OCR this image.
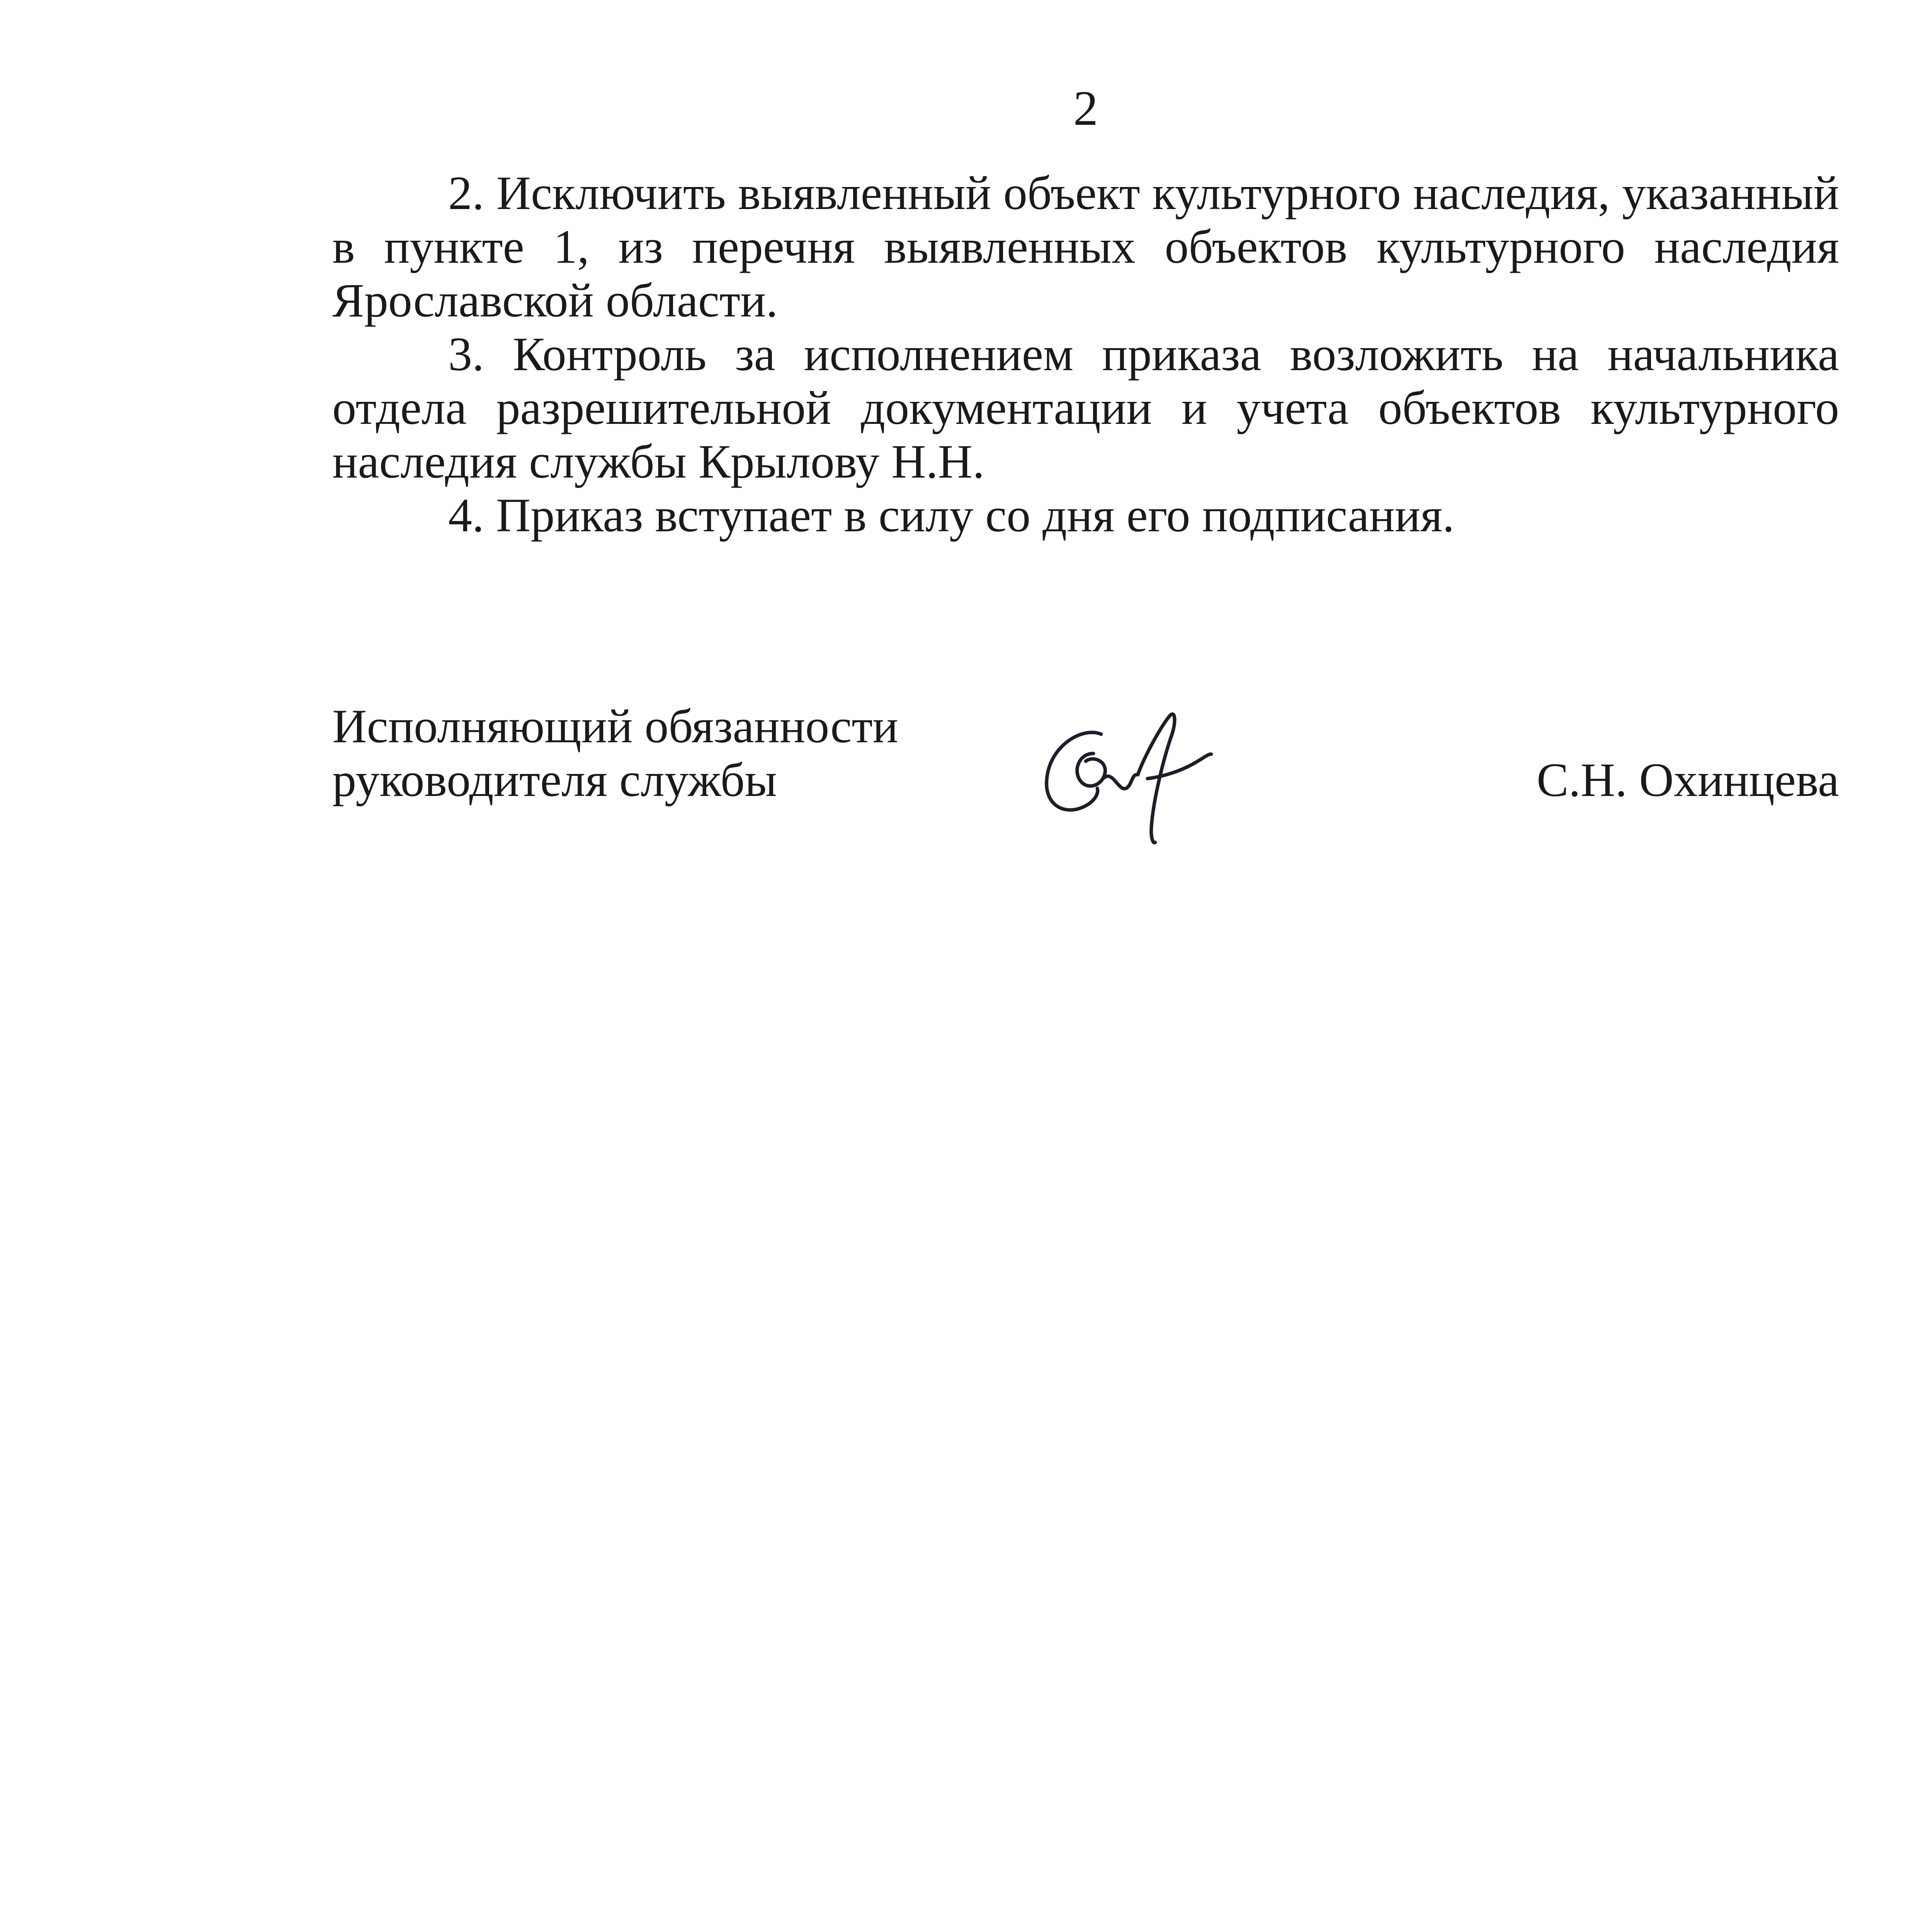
2

2. Исключить выявленный объект культурного наследия, указанный в пункте 1, из перечня выявленных объектов культурного наследия Ярославской области.

3. Контроль за исполнением приказа возложить на начальника отдела разрешительной документации и учета объектов культурного наследия службы Крылову Н.Н.

4. Приказ вступает в силу со дня его подписания.

Исполняющий обязанности
руководителя службы	С.Н. Охинцева
